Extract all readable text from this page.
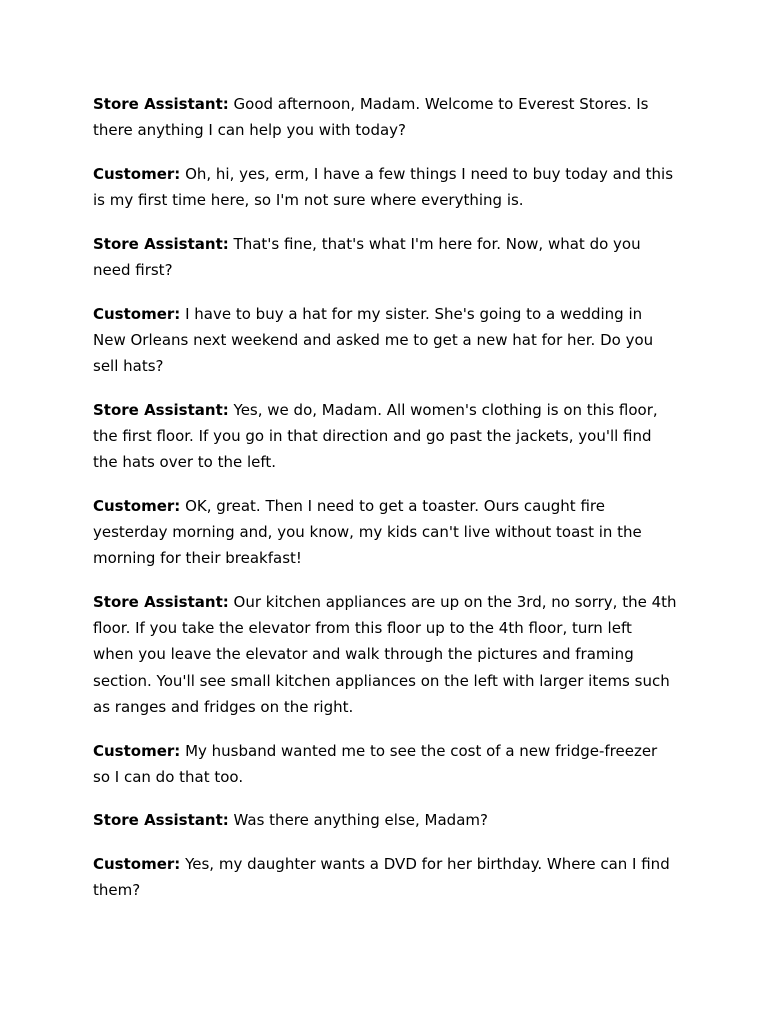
Store Assistant: Good afternoon, Madam. Welcome to Everest Stores. Is there anything I can help you with today?

Customer: Oh, hi, yes, erm, I have a few things I need to buy today and this is my first time here, so I'm not sure where everything is.

Store Assistant: That's fine, that's what I'm here for. Now, what do you need first?

Customer: I have to buy a hat for my sister. She's going to a wedding in New Orleans next weekend and asked me to get a new hat for her. Do you sell hats?

Store Assistant: Yes, we do, Madam. All women's clothing is on this floor, the first floor. If you go in that direction and go past the jackets, you'll find the hats over to the left.

Customer: OK, great. Then I need to get a toaster. Ours caught fire yesterday morning and, you know, my kids can't live without toast in the morning for their breakfast!

Store Assistant: Our kitchen appliances are up on the 3rd, no sorry, the 4th floor. If you take the elevator from this floor up to the 4th floor, turn left when you leave the elevator and walk through the pictures and framing section. You'll see small kitchen appliances on the left with larger items such as ranges and fridges on the right.

Customer: My husband wanted me to see the cost of a new fridge-freezer so I can do that too.

Store Assistant: Was there anything else, Madam?

Customer: Yes, my daughter wants a DVD for her birthday. Where can I find them?
